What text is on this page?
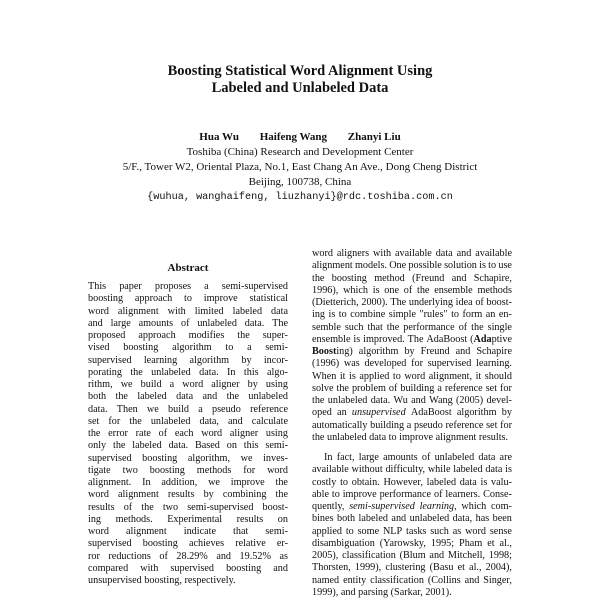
Boosting Statistical Word Alignment Using
Labeled and Unlabeled Data
Hua Wu Haifeng Wang Zhanyi Liu
Toshiba (China) Research and Development Center
5/F., Tower W2, Oriental Plaza, No.1, East Chang An Ave., Dong Cheng District
Beijing, 100738, China
{wuhua, wanghaifeng, liuzhanyi}@rdc.toshiba.com.cn
Abstract
This paper proposes a semi-supervised
boosting approach to improve statistical
word alignment with limited labeled data
and large amounts of unlabeled data. The
proposed approach modifies the super-
vised boosting algorithm to a semi-
supervised learning algorithm by incor-
porating the unlabeled data. In this algo-
rithm, we build a word aligner by using
both the labeled data and the unlabeled
data. Then we build a pseudo reference
set for the unlabeled data, and calculate
the error rate of each word aligner using
only the labeled data. Based on this semi-
supervised boosting algorithm, we inves-
tigate two boosting methods for word
alignment. In addition, we improve the
word alignment results by combining the
results of the two semi-supervised boost-
ing methods. Experimental results on
word alignment indicate that semi-
supervised boosting achieves relative er-
ror reductions of 28.29% and 19.52% as
compared with supervised boosting and
unsupervised boosting, respectively.
word aligners with available data and available
alignment models. One possible solution is to use
the boosting method (Freund and Schapire,
1996), which is one of the ensemble methods
(Dietterich, 2000). The underlying idea of boost-
ing is to combine simple "rules" to form an en-
semble such that the performance of the single
ensemble is improved. The AdaBoost (Adaptive
Boosting) algorithm by Freund and Schapire
(1996) was developed for supervised learning.
When it is applied to word alignment, it should
solve the problem of building a reference set for
the unlabeled data. Wu and Wang (2005) devel-
oped an unsupervised AdaBoost algorithm by
automatically building a pseudo reference set for
the unlabeled data to improve alignment results.
In fact, large amounts of unlabeled data are
available without difficulty, while labeled data is
costly to obtain. However, labeled data is valu-
able to improve performance of learners. Conse-
quently, semi-supervised learning, which com-
bines both labeled and unlabeled data, has been
applied to some NLP tasks such as word sense
disambiguation (Yarowsky, 1995; Pham et al.,
2005), classification (Blum and Mitchell, 1998;
Thorsten, 1999), clustering (Basu et al., 2004),
named entity classification (Collins and Singer,
1999), and parsing (Sarkar, 2001).
